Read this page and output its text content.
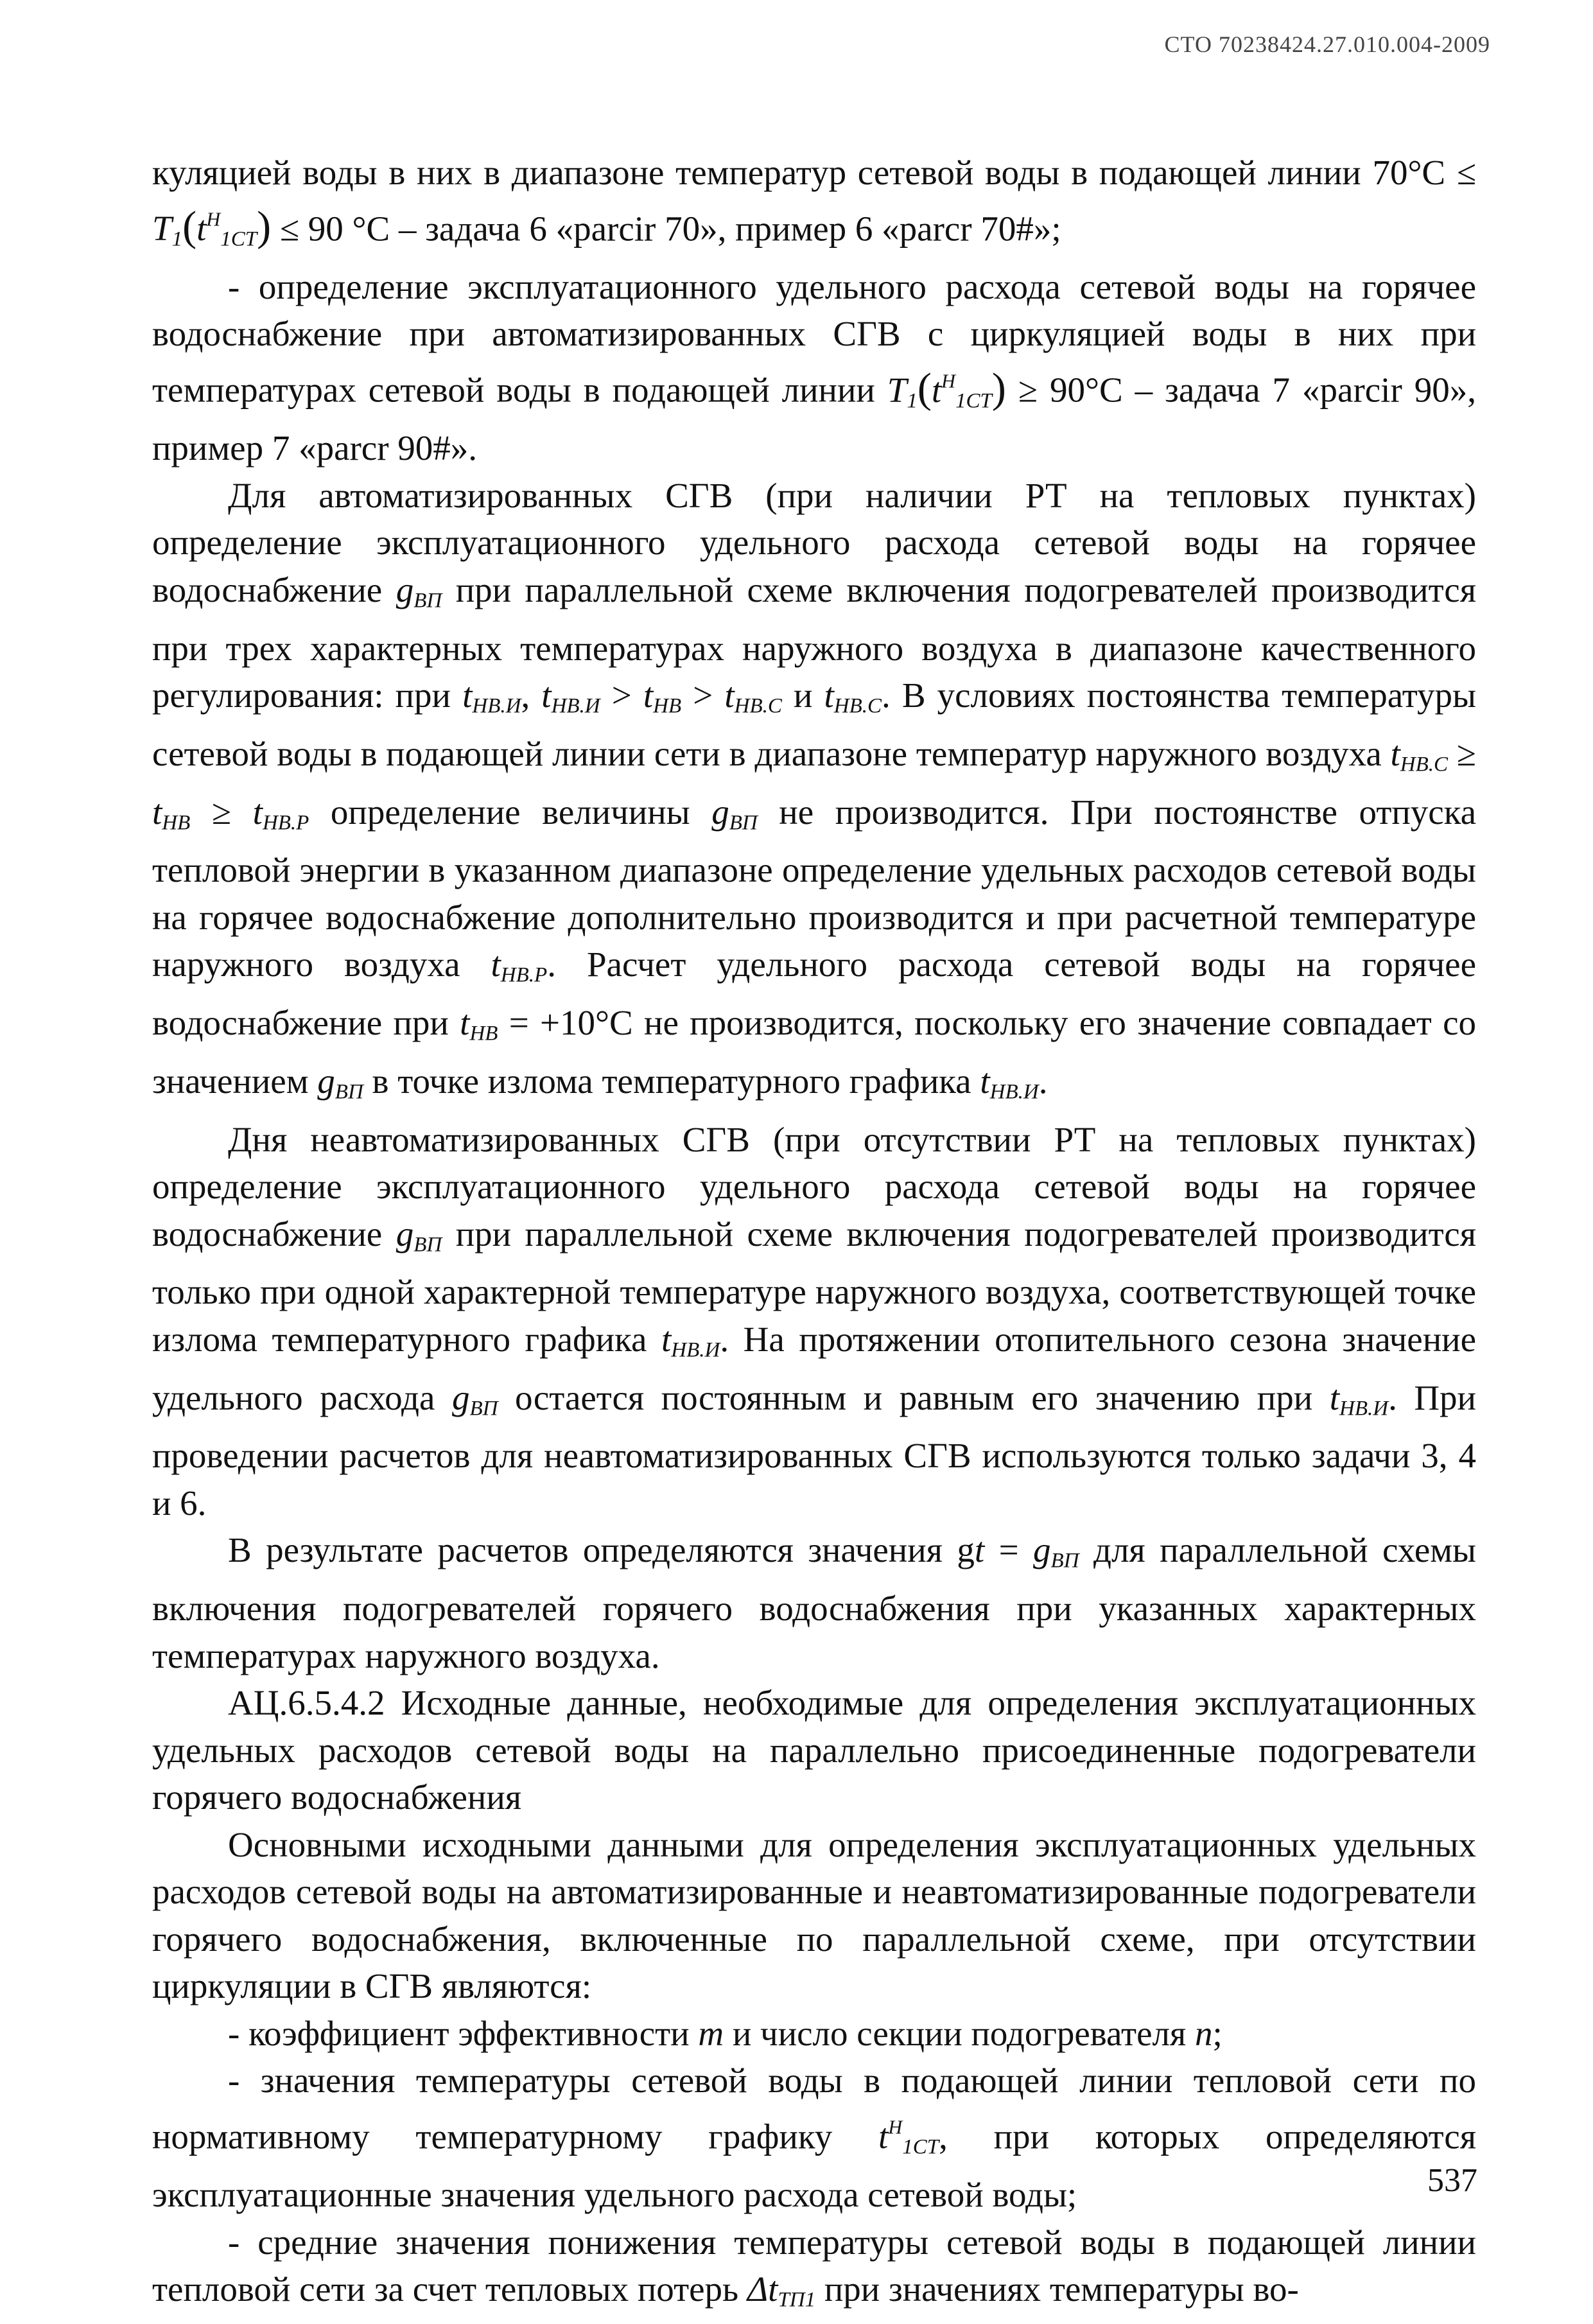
СТО 70238424.27.010.004-2009

куляцией воды в них в диапазоне температур сетевой воды в подающей линии $70^\circ С \le T_1(t^Н_{1СТ}) \le 90$ °С – задача 6 «parcir 70», пример 6 «parcr 70#»;

- определение эксплуатационного удельного расхода сетевой воды на горячее водоснабжение при автоматизированных СГВ с циркуляцией воды в них при температурах сетевой воды в подающей линии $T_1(t^Н_{1СТ}) \ge 90^\circ С$ – задача 7 «parcir 90», пример 7 «parcr 90#».

Для автоматизированных СГВ (при наличии РТ на тепловых пунктах) определение эксплуатационного удельного расхода сетевой воды на горячее водоснабжение $g_{ВП}$ при параллельной схеме включения подогревателей производится при трех характерных температурах наружного воздуха в диапазоне качественного регулирования: при $t_{НВ.И}$, $t_{НВ.И} > t_{НВ} > t_{НВ.С}$ и $t_{НВ.С}$. В условиях постоянства температуры сетевой воды в подающей линии сети в диапазоне температур наружного воздуха $t_{НВ.С} \ge t_{НВ} \ge t_{НВ.Р}$ определение величины $g_{ВП}$ не производится. При постоянстве отпуска тепловой энергии в указанном диапазоне определение удельных расходов сетевой воды на горячее водоснабжение дополнительно производится и при расчетной температуре наружного воздуха $t_{НВ.Р}$. Расчет удельного расхода сетевой воды на горячее водоснабжение при $t_{НВ} = +10^\circ С$ не производится, поскольку его значение совпадает со значением $g_{ВП}$ в точке излома температурного графика $t_{НВ.И}$.

Дня неавтоматизированных СГВ (при отсутствии РТ на тепловых пунктах) определение эксплуатационного удельного расхода сетевой воды на горячее водоснабжение $g_{ВП}$ при параллельной схеме включения подогревателей производится только при одной характерной температуре наружного воздуха, соответствующей точке излома температурного графика $t_{НВ.И}$. На протяжении отопительного сезона значение удельного расхода $g_{ВП}$ остается постоянным и равным его значению при $t_{НВ.И}$. При проведении расчетов для неавтоматизированных СГВ используются только задачи 3, 4 и 6.

В результате расчетов определяются значения gt = $g_{ВП}$ для параллельной схемы включения подогревателей горячего водоснабжения при указанных характерных температурах наружного воздуха.

АЦ.6.5.4.2 Исходные данные, необходимые для определения эксплуатационных удельных расходов сетевой воды на параллельно присоединенные подогреватели горячего водоснабжения

Основными исходными данными для определения эксплуатационных удельных расходов сетевой воды на автоматизированные и неавтоматизированные подогреватели горячего водоснабжения, включенные по параллельной схеме, при отсутствии циркуляции в СГВ являются:

- коэффициент эффективности m и число секции подогревателя n;

- значения температуры сетевой воды в подающей линии тепловой сети по нормативному температурному графику $t^Н_{1СТ}$, при которых определяются эксплуатационные значения удельного расхода сетевой воды;

- средние значения понижения температуры сетевой воды в подающей линии тепловой сети за счет тепловых потерь $\Delta t_{ТП1}$ при значениях температуры во-

537
